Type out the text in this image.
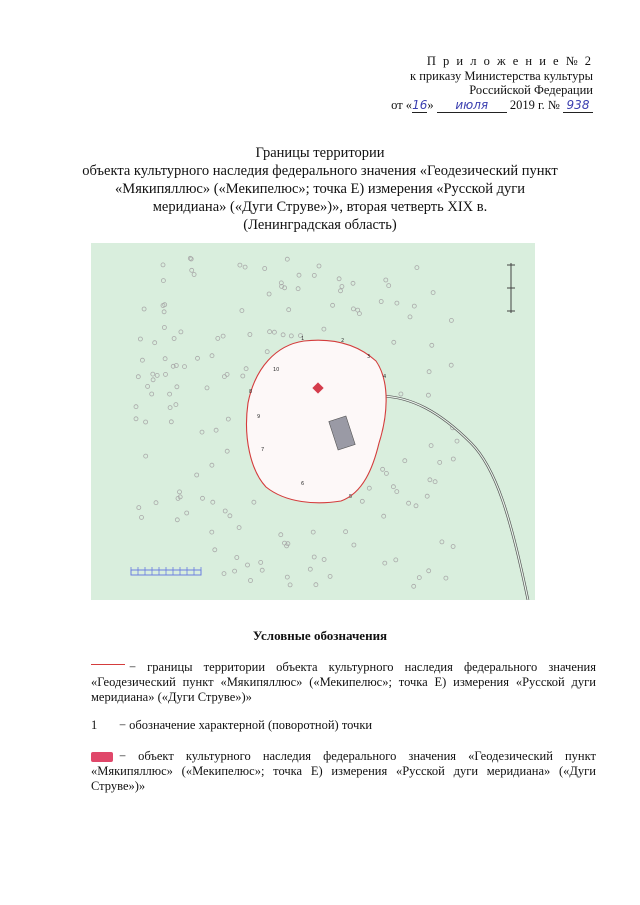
П р и л о ж е н и е № 2
к приказу Министерства культуры
Российской Федерации
от «16» июля 2019 г. № 938
Границы территории
объекта культурного наследия федерального значения «Геодезический пункт
«Мякипяллюс» («Мекипелюс»; точка Е) измерения «Русской дуги
меридиана» («Дуги Струве»)», вторая четверть XIX в.
(Ленинградская область)
1	2
3
4
5
6
7
8
9
10
Условные обозначения
− границы территории объекта культурного наследия федерального значения «Геодезический пункт «Мякипяллюс» («Мекипелюс»; точка Е) измерения «Русской дуги меридиана» («Дуги Струве»)»
1 − обозначение характерной (поворотной) точки
− объект культурного наследия федерального значения «Геодезический пункт «Мякипяллюс» («Мекипелюс»; точка Е) измерения «Русской дуги меридиана» («Дуги Струве»)»
